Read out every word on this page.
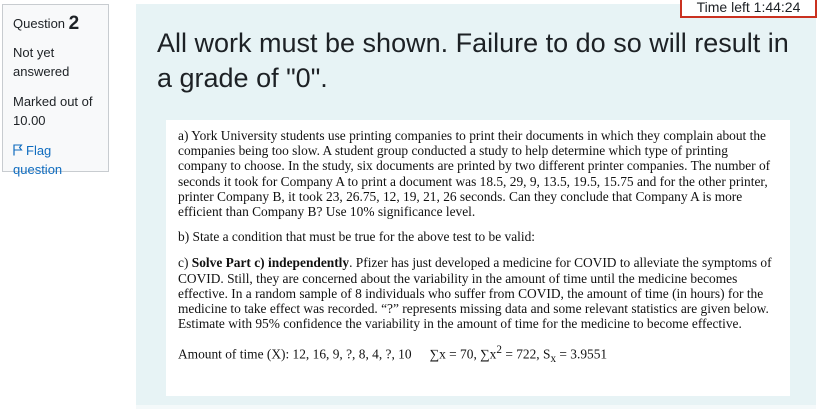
Question 2
Not yet answered
Marked out of
10.00
Flag question
Time left 1:44:24
All work must be shown. Failure to do so will result in a grade of "0".

a) York University students use printing companies to print their documents in which they complain about the companies being too slow. A student group conducted a study to help determine which type of printing company to choose. In the study, six documents are printed by two different printer companies. The number of seconds it took for Company A to print a document was 18.5, 29, 9, 13.5, 19.5, 15.75 and for the other printer, printer Company B, it took 23, 26.75, 12, 19, 21, 26 seconds. Can they conclude that Company A is more efficient than Company B? Use 10% significance level.

b) State a condition that must be true for the above test to be valid:

c) Solve Part c) independently. Pfizer has just developed a medicine for COVID to alleviate the symptoms of COVID. Still, they are concerned about the variability in the amount of time until the medicine becomes effective. In a random sample of 8 individuals who suffer from COVID, the amount of time (in hours) for the medicine to take effect was recorded. “?” represents missing data and some relevant statistics are given below. Estimate with 95% confidence the variability in the amount of time for the medicine to become effective.

Amount of time (X): 12, 16, 9, ?, 8, 4, ?, 10 ∑x = 70, $\sum x^2 = 722$, $S_x = 3.9551$
